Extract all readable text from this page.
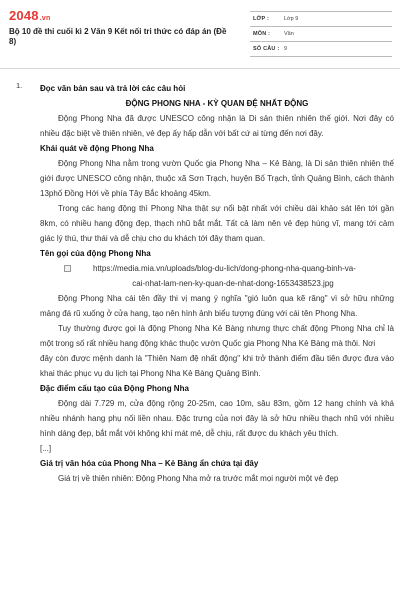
2048.vn
Bộ 10 đề thi cuối kì 2 Văn 9 Kết nối tri thức có đáp án (Đề 8)
LỚP :	Lớp 9
MÔN :	Văn
SỐ CÂU : 9
1. Đọc văn bản sau và trả lời các câu hỏi

ĐỘNG PHONG NHA - KỲ QUAN ĐỆ NHẤT ĐỘNG

Động Phong Nha đã được UNESCO công nhận là Di sản thiên nhiên thế giới. Nơi đây có nhiều đặc biệt về thiên nhiên, vẻ đẹp ấy hấp dẫn với bất cứ ai từng đến nơi đây.

Khái quát về động Phong Nha

Động Phong Nha nằm trong vườn Quốc gia Phong Nha – Kẻ Bàng, là Di sản thiên nhiên thế giới được UNESCO công nhận, thuộc xã Sơn Trạch, huyện Bố Trạch, tỉnh Quảng Bình, cách thành 13phố Đồng Hới về phía Tây Bắc khoảng 45km.

Trong các hang động thì Phong Nha thật sự nổi bật nhất với chiều dài khảo sát lên tới gần 8km, có nhiều hang động đẹp, thạch nhũ bắt mắt. Tất cả làm nên vẻ đẹp hùng vĩ, mang tới cảm giác lý thú, thư thái và dễ chịu cho du khách tới đây tham quan.

Tên gọi của động Phong Nha

https://media.mia.vn/uploads/blog-du-lich/dong-phong-nha-quang-binh-va-
cai-nhat-lam-nen-ky-quan-de-nhat-dong-1653438523.jpg

Động Phong Nha cái tên đầy thi vị mang ý nghĩa "gió luôn qua kẽ răng" vì sở hữu những mảng đá rũ xuống ở cửa hang, tạo nên hình ảnh biểu tượng đúng với cái tên Phong Nha.

Tuy thường được gọi là động Phong Nha Kẻ Bàng nhưng thực chất động Phong Nha chỉ là một trong số rất nhiều hang động khác thuộc vườn Quốc gia Phong Nha Kẻ Bàng mà thôi. Nơi

đây còn được mệnh danh là "Thiên Nam đệ nhất động" khi trở thành điểm đầu tiên được đưa vào khai thác phục vụ du lịch tại Phong Nha Kẻ Bàng Quảng Bình.

Đặc điểm cấu tạo của Động Phong Nha

Động dài 7.729 m, cửa động rộng 20-25m, cao 10m, sâu 83m, gồm 12 hang chính và khá nhiều nhánh hang phụ nối liền nhau. Đặc trưng của nơi đây là sở hữu nhiều thạch nhũ với nhiều hình dáng đẹp, bắt mắt với không khí mát mẻ, dễ chịu, rất được du khách yêu thích.

[...]

Giá trị văn hóa của Phong Nha – Kẻ Bàng ẩn chứa tại đây

Giá trị về thiên nhiên: Động Phong Nha mở ra trước mắt mọi người một vẻ đẹp
